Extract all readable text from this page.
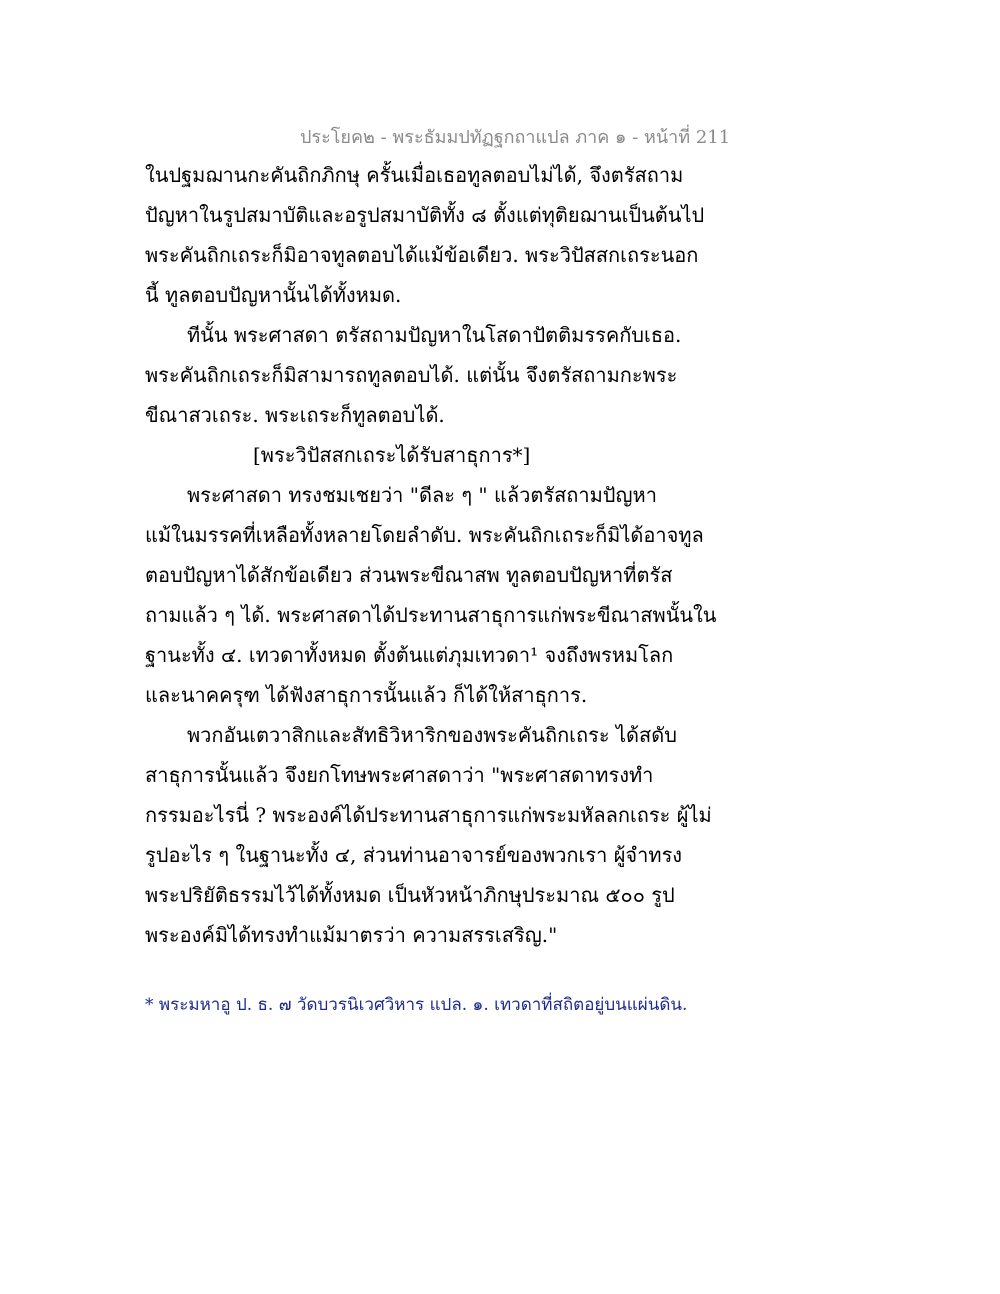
ประโยค๒ - พระธัมมปทัฏฐกถาแปล ภาค ๑ - หน้าที่ 211
ในปฐมฌานกะคันถิกภิกษุ ครั้นเมื่อเธอทูลตอบไม่ได้, จึงตรัสถาม
ปัญหาในรูปสมาบัติและอรูปสมาบัติทั้ง ๘ ตั้งแต่ทุติยฌานเป็นต้นไป
พระคันถิกเถระก็มิอาจทูลตอบได้แม้ข้อเดียว. พระวิปัสสกเถระนอก
นี้ ทูลตอบปัญหานั้นได้ทั้งหมด.
ทีนั้น พระศาสดา ตรัสถามปัญหาในโสดาปัตติมรรคกับเธอ.
พระคันถิกเถระก็มิสามารถทูลตอบได้. แต่นั้น จึงตรัสถามกะพระ
ขีณาสวเถระ. พระเถระก็ทูลตอบได้.
[พระวิปัสสกเถระได้รับสาธุการ*]
พระศาสดา ทรงชมเชยว่า "ดีละ ๆ " แล้วตรัสถามปัญหา
แม้ในมรรคที่เหลือทั้งหลายโดยลำดับ. พระคันถิกเถระก็มิได้อาจทูล
ตอบปัญหาได้สักข้อเดียว ส่วนพระขีณาสพ ทูลตอบปัญหาที่ตรัส
ถามแล้ว ๆ ได้. พระศาสดาได้ประทานสาธุการแก่พระขีณาสพนั้นใน
ฐานะทั้ง ๔. เทวดาทั้งหมด ตั้งต้นแต่ภุมเทวดา¹ จงถึงพรหมโลก
และนาคครุฑ ได้ฟังสาธุการนั้นแล้ว ก็ได้ให้สาธุการ.
พวกอันเตวาสิกและสัทธิวิหาริกของพระคันถิกเถระ ได้สดับ
สาธุการนั้นแล้ว จึงยกโทษพระศาสดาว่า "พระศาสดาทรงทำ
กรรมอะไรนี่ ? พระองค์ได้ประทานสาธุการแก่พระมหัลลกเถระ ผู้ไม่
รูปอะไร ๆ ในฐานะทั้ง ๔, ส่วนท่านอาจารย์ของพวกเรา ผู้จำทรง
พระปริยัติธรรมไว้ได้ทั้งหมด เป็นหัวหน้าภิกษุประมาณ ๕๐๐ รูป
พระองค์มิได้ทรงทำแม้มาตรว่า ความสรรเสริญ."
* พระมหาอู ป. ธ. ๗ วัดบวรนิเวศวิหาร แปล. ๑. เทวดาที่สถิตอยู่บนแผ่นดิน.
